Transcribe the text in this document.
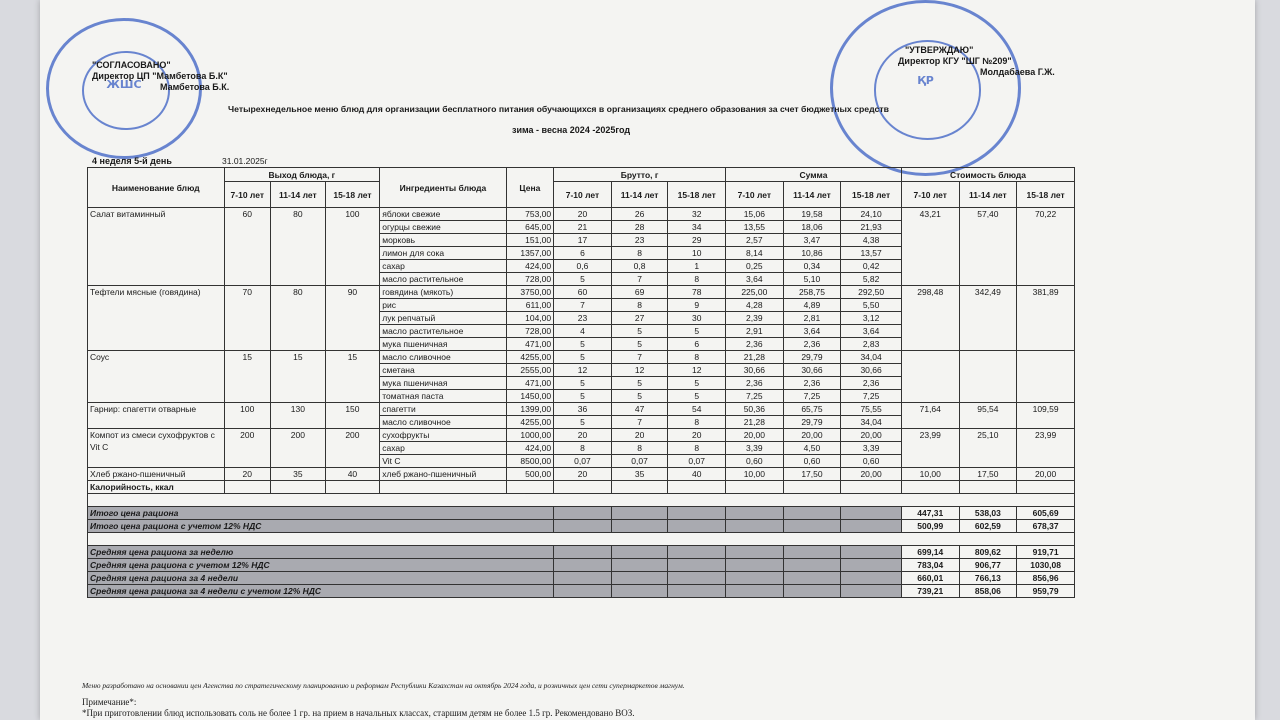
ЖШС	ҚР
"СОГЛАСОВАНО"
Директор ЦП "Мамбетова Б.К"
Мамбетова Б.К.
"УТВЕРЖДАЮ"
Директор КГУ "ШГ №209"
Молдабаева Г.Ж.
Четырехнедельное меню блюд для организации бесплатного питания обучающихся в организациях среднего образования за счет бюджетных средств
зима - весна 2024 -2025год
4 неделя 5-й день	31.01.2025г
Наименование блюд	Выход блюда, г			Ингредиенты блюда	Цена	Брутто, г			Сумма			Стоимость блюда		

	7-10 лет	11-14 лет	15-18 лет			7-10 лет	11-14 лет	15-18 лет	7-10 лет	11-14 лет	15-18 лет	7-10 лет	11-14 лет	15-18 лет
Салат витаминный	60	80	100	яблоки свежие	753,00	20	26	32	15,06	19,58	24,10	43,21	57,40	70,22
				огурцы свежие	645,00	21	28	34	13,55	18,06	21,93			
				морковь	151,00	17	23	29	2,57	3,47	4,38			
				лимон для сока	1357,00	6	8	10	8,14	10,86	13,57			
				сахар	424,00	0,6	0,8	1	0,25	0,34	0,42			
				масло растительное	728,00	5	7	8	3,64	5,10	5,82			
Тефтели мясные (говядина)	70	80	90	говядина (мякоть)	3750,00	60	69	78	225,00	258,75	292,50	298,48	342,49	381,89
				рис	611,00	7	8	9	4,28	4,89	5,50			
				лук репчатый	104,00	23	27	30	2,39	2,81	3,12			
				масло растительное	728,00	4	5	5	2,91	3,64	3,64			
				мука пшеничная	471,00	5	5	6	2,36	2,36	2,83			
Соус	15	15	15	масло сливочное	4255,00	5	7	8	21,28	29,79	34,04			
				сметана	2555,00	12	12	12	30,66	30,66	30,66			
				мука пшеничная	471,00	5	5	5	2,36	2,36	2,36			
				томатная паста	1450,00	5	5	5	7,25	7,25	7,25			
Гарнир: спагетти отварные	100	130	150	спагетти	1399,00	36	47	54	50,36	65,75	75,55	71,64	95,54	109,59
				масло сливочное	4255,00	5	7	8	21,28	29,79	34,04			
Компот из смеси сухофруктов с Vit C	200	200	200	сухофрукты	1000,00	20	20	20	20,00	20,00	20,00	23,99	25,10	23,99
				сахар	424,00	8	8	8	3,39	4,50	3,39			
				Vit C	8500,00	0,07	0,07	0,07	0,60	0,60	0,60			
Хлеб ржано-пшеничный	20	35	40	хлеб ржано-пшеничный	500,00	20	35	40	10,00	17,50	20,00	10,00	17,50	20,00
Калорийность, ккал														

Итого цена рациона												447,31	538,03	605,69
Итого цена рациона с учетом 12% НДС												500,99	602,59	678,37

Средняя цена рациона за неделю												699,14	809,62	919,71
Средняя цена рациона с учетом 12% НДС												783,04	906,77	1030,08
Средняя цена рациона за 4 недели												660,01	766,13	856,96
Средняя цена рациона за 4 недели с учетом 12% НДС												739,21	858,06	959,79
Меню разработано на основании цен Агенства по стратегическому планированию и реформам Республики Казахстан на октябрь 2024 года, и розничных цен сети супермаркетов магнум.
Примечание*:
*При приготовлении блюд использовать соль не более 1 гр. на прием в начальных классах, старшим детям не более 1.5 гр. Рекомендовано ВОЗ.
